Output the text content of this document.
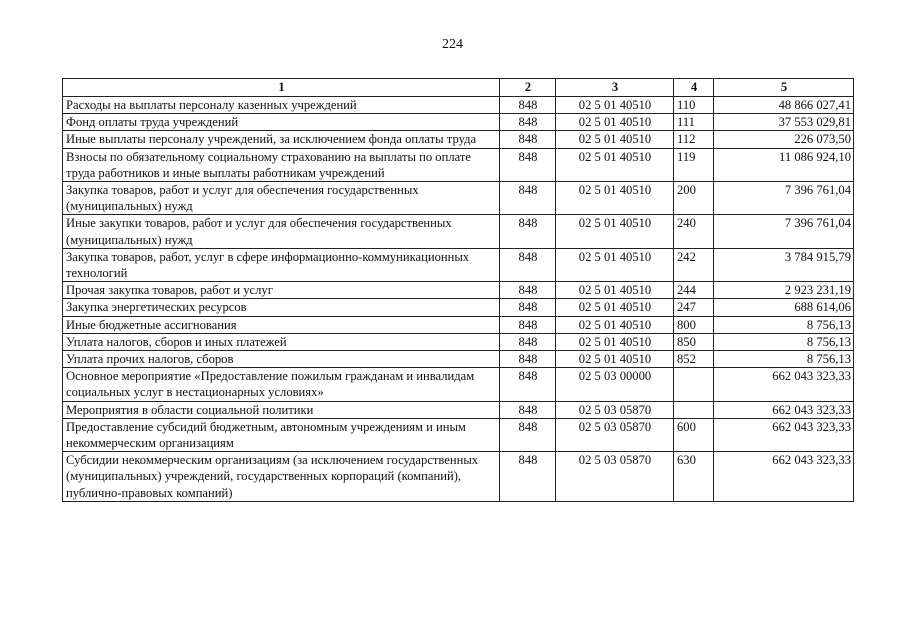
224
1	2	3	4	5
Расходы на выплаты персоналу казенных учреждений	848	02 5 01 40510	110	48 866 027,41
Фонд оплаты труда учреждений	848	02 5 01 40510	111	37 553 029,81
Иные выплаты персоналу учреждений, за исключением фонда оплаты труда	848	02 5 01 40510	112	226 073,50
Взносы по обязательному социальному страхованию на выплаты по оплате труда работников и иные выплаты работникам учреждений	848	02 5 01 40510	119	11 086 924,10
Закупка товаров, работ и услуг для обеспечения государственных (муниципальных) нужд	848	02 5 01 40510	200	7 396 761,04
Иные закупки товаров, работ и услуг для обеспечения государственных (муниципальных) нужд	848	02 5 01 40510	240	7 396 761,04
Закупка товаров, работ, услуг в сфере информационно-коммуникационных технологий	848	02 5 01 40510	242	3 784 915,79
Прочая закупка товаров, работ и услуг	848	02 5 01 40510	244	2 923 231,19
Закупка энергетических ресурсов	848	02 5 01 40510	247	688 614,06
Иные бюджетные ассигнования	848	02 5 01 40510	800	8 756,13
Уплата налогов, сборов и иных платежей	848	02 5 01 40510	850	8 756,13
Уплата прочих налогов, сборов	848	02 5 01 40510	852	8 756,13
Основное мероприятие «Предоставление пожилым гражданам и инвалидам социальных услуг в нестационарных условиях»	848	02 5 03 00000		662 043 323,33
Мероприятия в области социальной политики	848	02 5 03 05870		662 043 323,33
Предоставление субсидий бюджетным, автономным учреждениям и иным некоммерческим организациям	848	02 5 03 05870	600	662 043 323,33
Субсидии некоммерческим организациям (за исключением государственных (муниципальных) учреждений, государственных корпораций (компаний), публично-правовых компаний)	848	02 5 03 05870	630	662 043 323,33
